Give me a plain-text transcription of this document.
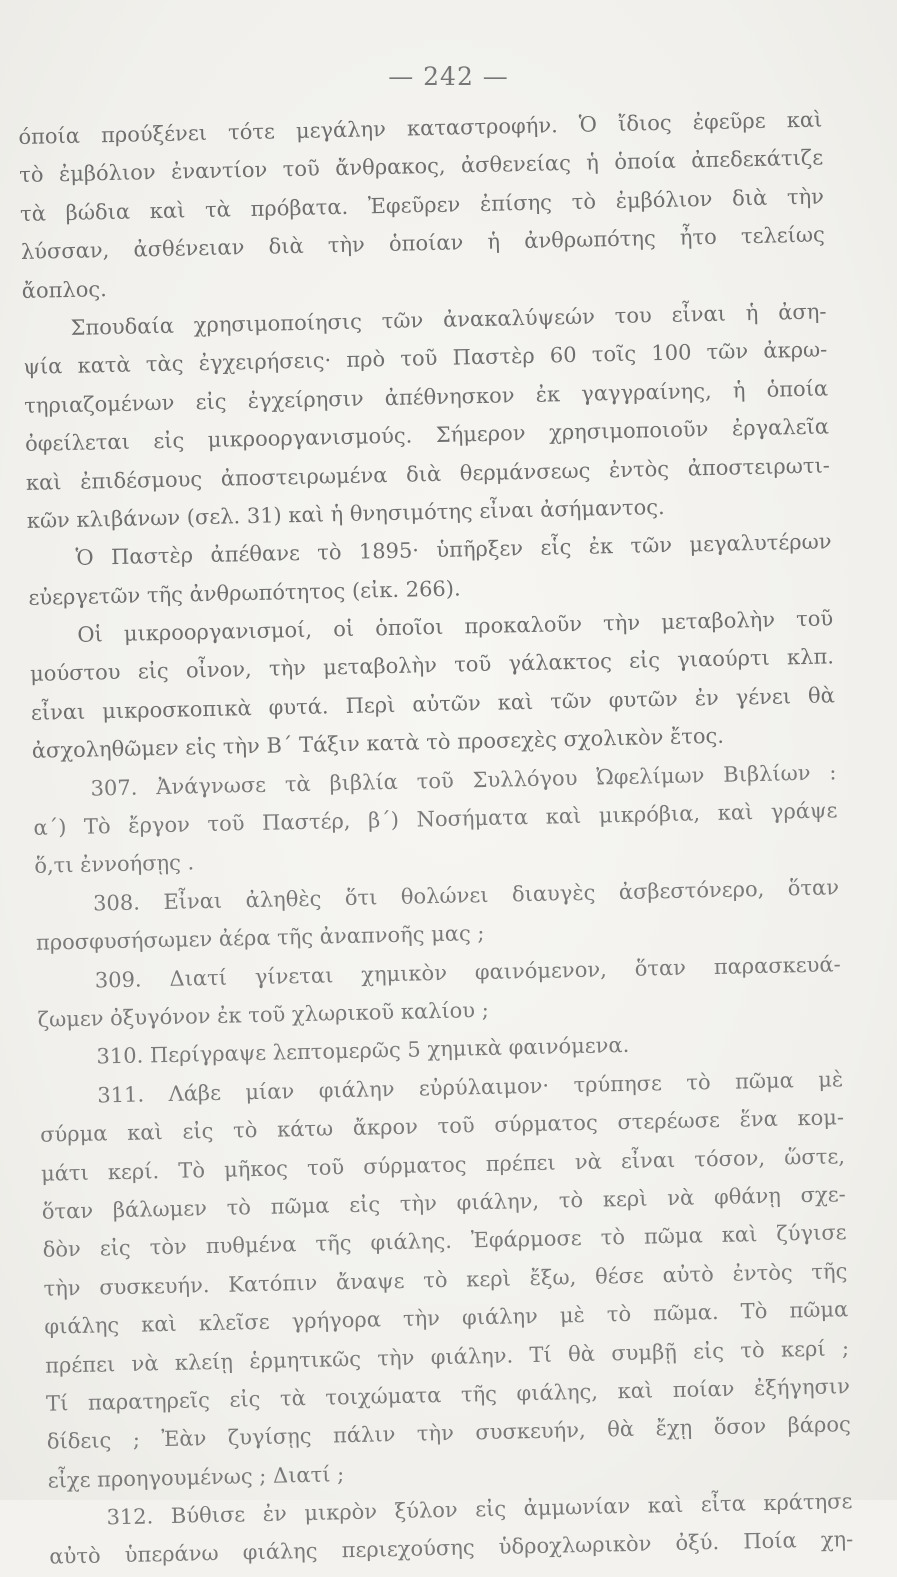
— 242 —
όποία προύξένει τότε μεγάλην καταστροφήν. Ὁ ἴδιος ἐφεῦρε καὶ
τὸ ἐμβόλιον ἐναντίον τοῦ ἄνθρακος, ἀσθενείας ἡ ὁποία ἀπεδεκάτιζε
τὰ βώδια καὶ τὰ πρόβατα. Ἐφεῦρεν ἐπίσης τὸ ἐμβόλιον διὰ τὴν
λύσσαν, ἀσθένειαν διὰ τὴν ὁποίαν ἡ ἀνθρωπότης ἦτο τελείως
ἄοπλος.
Σπουδαία χρησιμοποίησις τῶν ἀνακαλύψεών του εἶναι ἡ ἀση-
ψία κατὰ τὰς ἐγχειρήσεις· πρὸ τοῦ Παστὲρ 60 τοῖς 100 τῶν ἀκρω-
τηριαζομένων εἰς ἐγχείρησιν ἀπέθνησκον ἐκ γαγγραίνης, ἡ ὁποία
ὀφείλεται εἰς μικροοργανισμούς. Σήμερον χρησιμοποιοῦν ἐργαλεῖα
καὶ ἐπιδέσμους ἀποστειρωμένα διὰ θερμάνσεως ἐντὸς ἀποστειρωτι-
κῶν κλιβάνων (σελ. 31) καὶ ἡ θνησιμότης εἶναι ἀσήμαντος.
Ὁ Παστὲρ ἀπέθανε τὸ 1895· ὑπῆρξεν εἷς ἐκ τῶν μεγαλυτέρων
εὐεργετῶν τῆς ἀνθρωπότητος (εἰκ. 266).
Οἱ μικροοργανισμοί, οἱ ὁποῖοι προκαλοῦν τὴν μεταβολὴν τοῦ
μούστου εἰς οἶνον, τὴν μεταβολὴν τοῦ γάλακτος εἰς γιαούρτι κλπ.
εἶναι μικροσκοπικὰ φυτά. Περὶ αὐτῶν καὶ τῶν φυτῶν ἐν γένει θὰ
ἀσχοληθῶμεν εἰς τὴν Β΄ Τάξιν κατὰ τὸ προσεχὲς σχολικὸν ἔτος.
307. Ἀνάγνωσε τὰ βιβλία τοῦ Συλλόγου Ὠφελίμων Βιβλίων :
α΄) Τὸ ἔργον τοῦ Παστέρ, β΄) Νοσήματα καὶ μικρόβια, καὶ γράψε
ὅ,τι ἐννοήσῃς .
308. Εἶναι ἀληθὲς ὅτι θολώνει διαυγὲς ἀσβεστόνερο, ὅταν
προσφυσήσωμεν ἀέρα τῆς ἀναπνοῆς μας ;
309. Διατί γίνεται χημικὸν φαινόμενον, ὅταν παρασκευά-
ζωμεν ὀξυγόνον ἐκ τοῦ χλωρικοῦ καλίου ;
310. Περίγραψε λεπτομερῶς 5 χημικὰ φαινόμενα.
311. Λάβε μίαν φιάλην εὐρύλαιμον· τρύπησε τὸ πῶμα μὲ
σύρμα καὶ εἰς τὸ κάτω ἄκρον τοῦ σύρματος στερέωσε ἕνα κομ-
μάτι κερί. Τὸ μῆκος τοῦ σύρματος πρέπει νὰ εἶναι τόσον, ὥστε,
ὅταν βάλωμεν τὸ πῶμα εἰς τὴν φιάλην, τὸ κερὶ νὰ φθάνῃ σχε-
δὸν εἰς τὸν πυθμένα τῆς φιάλης. Ἐφάρμοσε τὸ πῶμα καὶ ζύγισε
τὴν συσκευήν. Κατόπιν ἄναψε τὸ κερὶ ἔξω, θέσε αὐτὸ ἐντὸς τῆς
φιάλης καὶ κλεῖσε γρήγορα τὴν φιάλην μὲ τὸ πῶμα. Τὸ πῶμα
πρέπει νὰ κλείῃ ἑρμητικῶς τὴν φιάλην. Τί θὰ συμβῇ εἰς τὸ κερί ;
Τί παρατηρεῖς εἰς τὰ τοιχώματα τῆς φιάλης, καὶ ποίαν ἐξήγησιν
δίδεις ; Ἐὰν ζυγίσῃς πάλιν τὴν συσκευήν, θὰ ἔχῃ ὅσον βάρος
εἶχε προηγουμένως ; Διατί ;
312. Βύθισε ἐν μικρὸν ξύλον εἰς ἀμμωνίαν καὶ εἶτα κράτησε
αὐτὸ ὑπεράνω φιάλης περιεχούσης ὑδροχλωρικὸν ὀξύ. Ποία χη-
